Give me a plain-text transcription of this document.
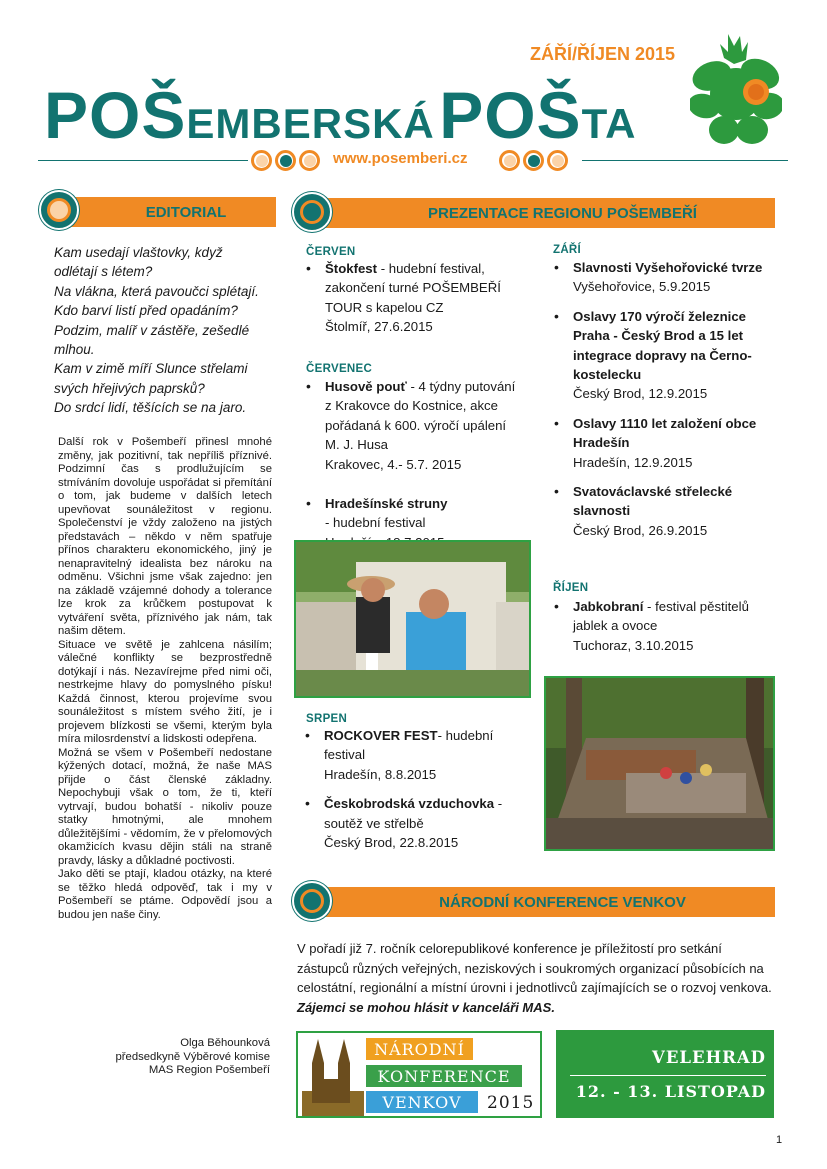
ZÁŘÍ/ŘÍJEN 2015
POŠEMBERSKÁ POŠTA
www.posemberi.cz
EDITORIAL
Kam usedají vlaštovky, když
odlétají s létem?
Na vlákna, která pavoučci splétají.
Kdo barví listí před opadáním?
Podzim, malíř v zástěře, zešedlé
mlhou.
Kam v zimě míří Slunce střelami
svých hřejivých paprsků?
Do srdcí lidí, těšících se na jaro.

Další rok v Pošembeří přinesl mnohé změny, jak pozitivní, tak nepříliš příznivé. Podzimní čas s prodlužujícím se stmíváním dovoluje uspořádat si přemítání o tom, jak budeme v dalších letech upevňovat sounáležitost v regionu. Společenství je vždy založeno na jistých představách – někdo v něm spatřuje přínos charakteru ekonomického, jiný je nenapravitelný idealista bez nároku na odměnu. Všichni jsme však zajedno: jen na základě vzájemné dohody a tolerance lze krok za krůčkem postupovat k vytváření světa, příznivého jak nám, tak našim dětem.

Situace ve světě je zahlcena násilím; válečné konflikty se bezprostředně dotýkají i nás. Nezavírejme před nimi oči, nestrkejme hlavy do pomyslného písku! Každá činnost, kterou projevíme svou sounáležitost s místem svého žití, je i projevem blízkosti se všemi, kterým byla míra milosrdenství a lidskosti odepřena.

Možná se všem v Pošembeří nedostane kýžených dotací, možná, že naše MAS přijde o část členské základny. Nepochybuji však o tom, že ti, kteří vytrvají, budou bohatší - nikoliv pouze statky hmotnými, ale mnohem důležitějšími - vědomím, že v přelomových okamžicích kvasu dějin stáli na straně pravdy, lásky a důkladné poctivosti.

Jako děti se ptají, kladou otázky, na které se těžko hledá odpověď, tak i my v Pošembeří se ptáme. Odpovědí jsou a budou jen naše činy.

Olga Běhounková
předsedkyně Výběrové komise
MAS Region Pošembeří
PREZENTACE REGIONU POŠEMBEŘÍ
ČERVEN
• Štokfest - hudební festival, zakončení turné POŠEMBEŘÍ TOUR s kapelou CZ
Štolmíř, 27.6.2015
ČERVENEC
• Husově pouť - 4 týdny putování z Krakovce do Kostnice, akce pořádaná k 600. výročí upálení M. J. Husa
Krakovec, 4.- 5.7. 2015
• Hradešínské struny
- hudební festival

SRPEN
• ROCKOVER FEST- hudební festival
Hradešín, 8.8.2015
• Českobrodská vzduchovka - soutěž ve střelbě
Český Brod, 22.8.2015
ZÁŘÍ
• Slavnosti Vyšehořovické tvrze
Vyšehořovice, 5.9.2015
• Oslavy 170 výročí železnice Praha - Český Brod a 15 let integrace dopravy na Černo-kostelecku
Český Brod, 12.9.2015
• Oslavy 1110 let založení obce Hradešín
Hradešín, 12.9.2015
• Svatováclavské střelecké slavnosti
Český Brod, 26.9.2015
ŘÍJEN
• Jabkobraní - festival pěstitelů jablek a ovoce
Tuchoraz, 3.10.2015
NÁRODNÍ KONFERENCE VENKOV
V pořadí již 7. ročník celorepublikové konference je příležitostí pro setkání zástupců různých veřejných, neziskových i soukromých organizací působících na celostátní, regionální a místní úrovni i jednotlivců zajímajících se o rozvoj venkova. Zájemci se mohou hlásit v kanceláři MAS.
NÁRODNÍ
KONFERENCE
VENKOV	2015
VELEHRAD
12. - 13. LISTOPAD
1
